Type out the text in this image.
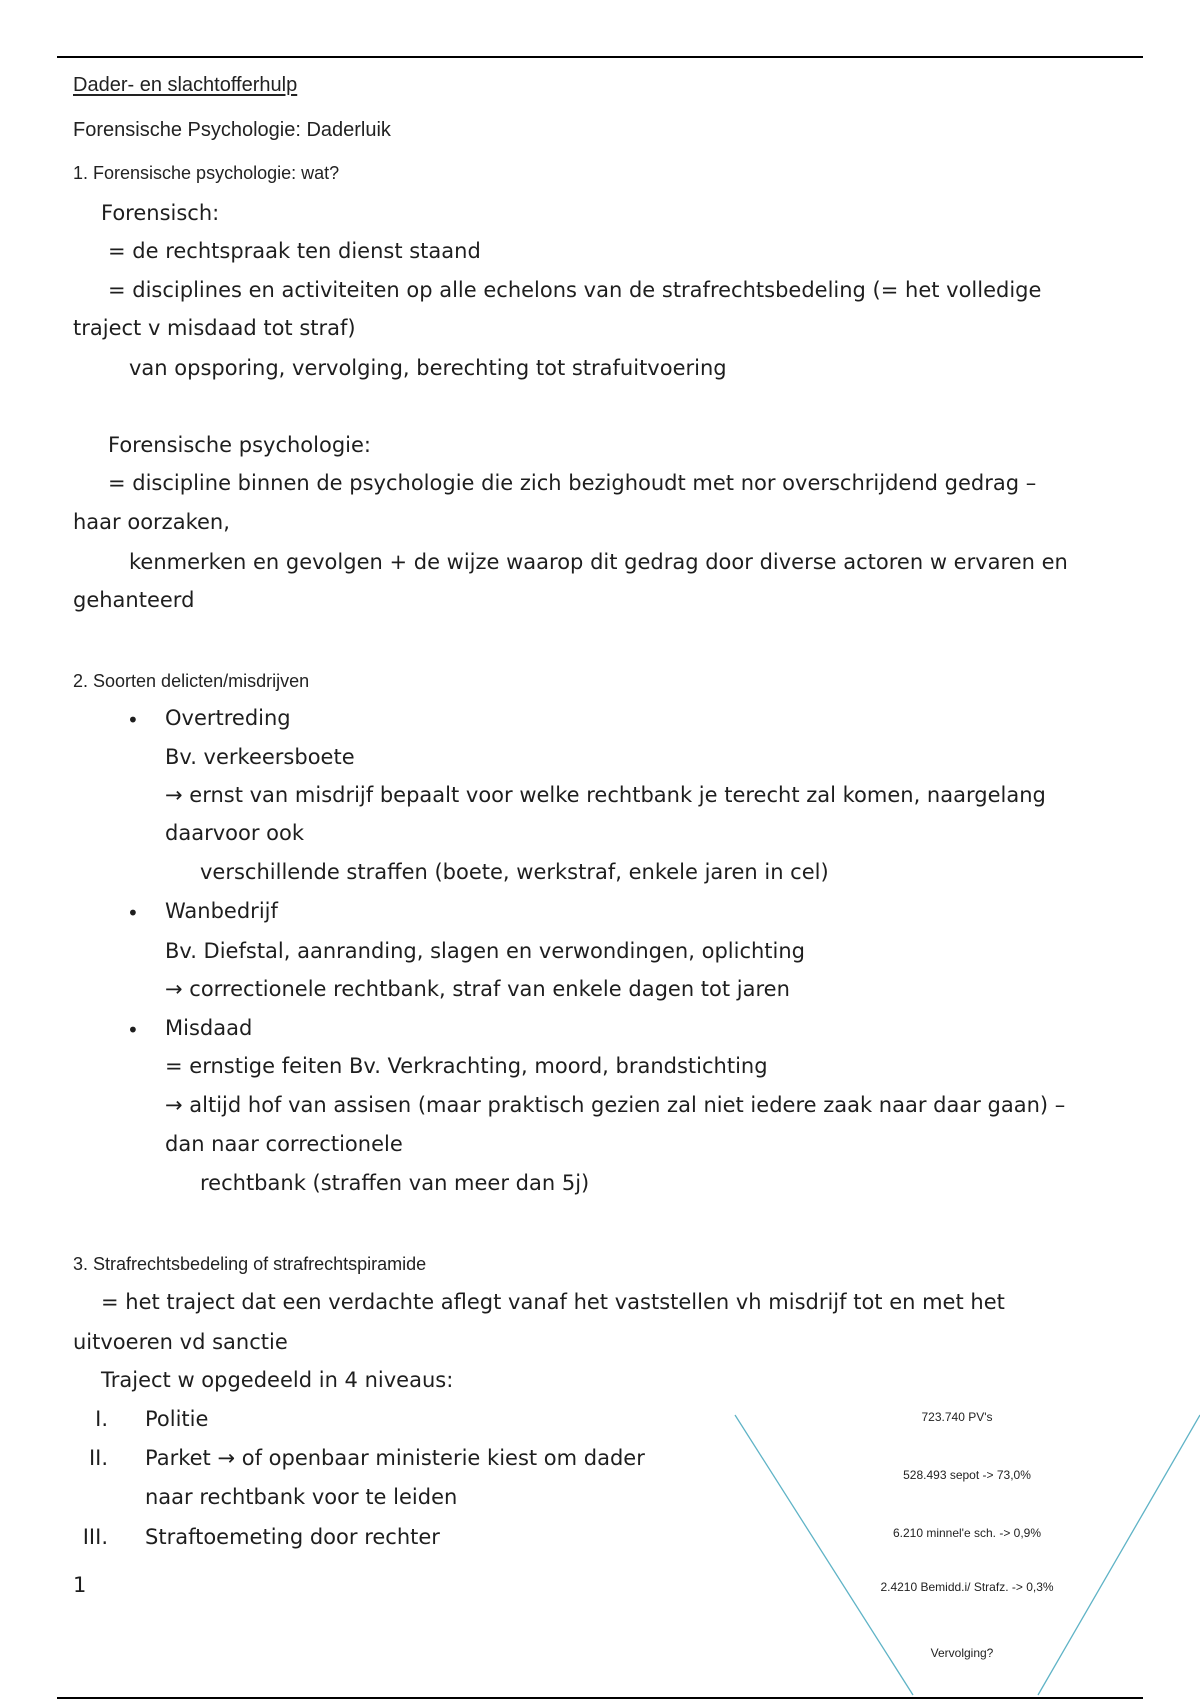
Dader- en slachtofferhulp
Forensische Psychologie: Daderluik
1. Forensische psychologie: wat?
Forensisch:
= de rechtspraak ten dienst staand
= disciplines en activiteiten op alle echelons van de strafrechtsbedeling (= het volledige
traject v misdaad tot straf)
van opsporing, vervolging, berechting tot strafuitvoering
Forensische psychologie:
= discipline binnen de psychologie die zich bezighoudt met nor overschrijdend gedrag –
haar oorzaken,
kenmerken en gevolgen + de wijze waarop dit gedrag door diverse actoren w ervaren en
gehanteerd
2. Soorten delicten/misdrijven
• Overtreding
Bv. verkeersboete
→ ernst van misdrijf bepaalt voor welke rechtbank je terecht zal komen, naargelang
daarvoor ook
verschillende straffen (boete, werkstraf, enkele jaren in cel)
• Wanbedrijf
Bv. Diefstal, aanranding, slagen en verwondingen, oplichting
→ correctionele rechtbank, straf van enkele dagen tot jaren
• Misdaad
= ernstige feiten Bv. Verkrachting, moord, brandstichting
→ altijd hof van assisen (maar praktisch gezien zal niet iedere zaak naar daar gaan) –
dan naar correctionele
rechtbank (straffen van meer dan 5j)
3. Strafrechtsbedeling of strafrechtspiramide
= het traject dat een verdachte aflegt vanaf het vaststellen vh misdrijf tot en met het
uitvoeren vd sanctie
Traject w opgedeeld in 4 niveaus:
I. Politie
II. Parket → of openbaar ministerie kiest om dader
naar rechtbank voor te leiden
III. Straftoemeting door rechter
1
723.740 PV's
528.493 sepot -> 73,0%
6.210 minnel'e sch. -> 0,9%
2.4210 Bemidd.i/ Strafz. -> 0,3%
Vervolging?
